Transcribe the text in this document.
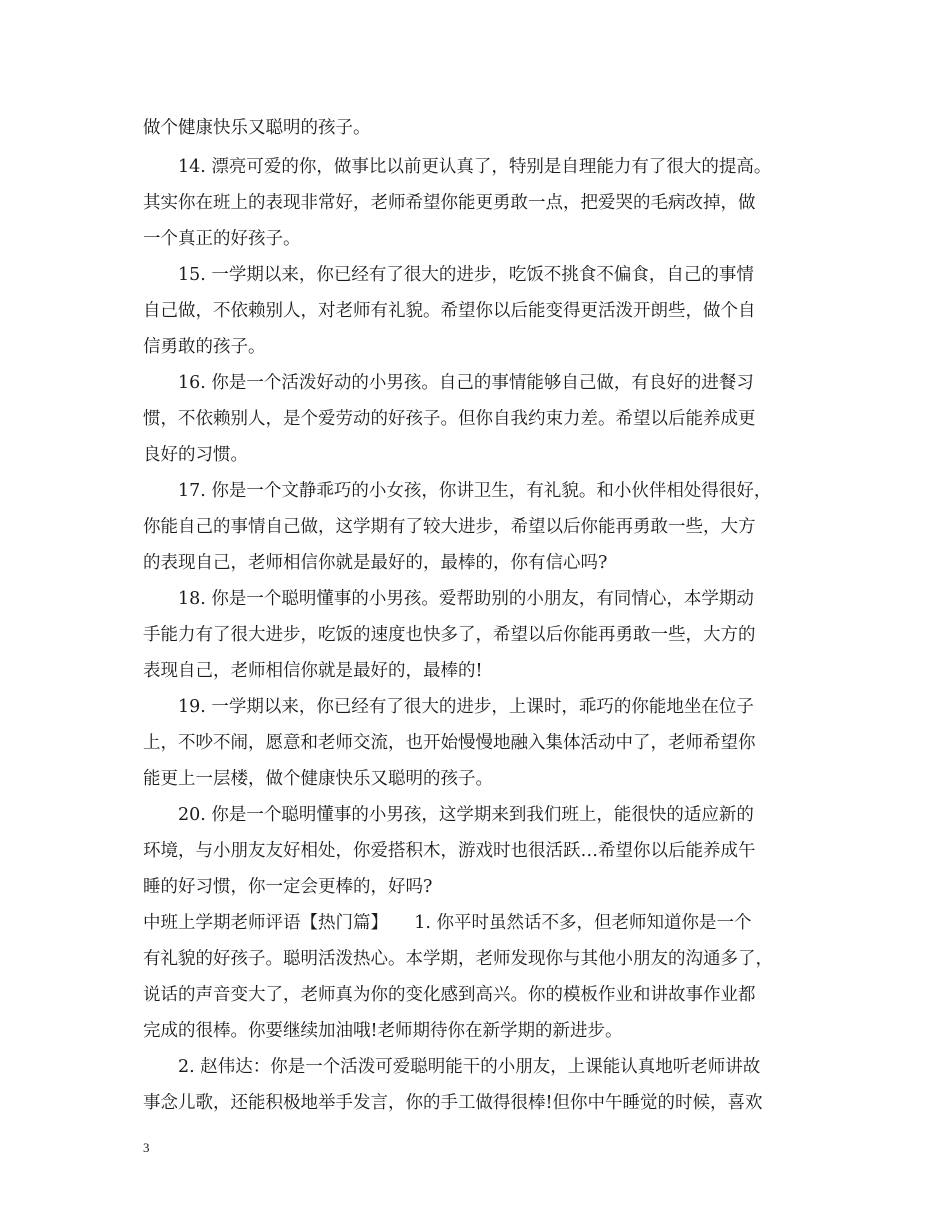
做个健康快乐又聪明的孩子。
　　14. 漂亮可爱的你，做事比以前更认真了，特别是自理能力有了很大的提高。
其实你在班上的表现非常好，老师希望你能更勇敢一点，把爱哭的毛病改掉，做
一个真正的好孩子。
　　15. 一学期以来，你已经有了很大的进步，吃饭不挑食不偏食，自己的事情
自己做，不依赖别人，对老师有礼貌。希望你以后能变得更活泼开朗些，做个自
信勇敢的孩子。
　　16. 你是一个活泼好动的小男孩。自己的事情能够自己做，有良好的进餐习
惯，不依赖别人，是个爱劳动的好孩子。但你自我约束力差。希望以后能养成更
良好的习惯。
　　17. 你是一个文静乖巧的小女孩，你讲卫生，有礼貌。和小伙伴相处得很好，
你能自己的事情自己做，这学期有了较大进步，希望以后你能再勇敢一些，大方
的表现自己，老师相信你就是最好的，最棒的，你有信心吗?
　　18. 你是一个聪明懂事的小男孩。爱帮助别的小朋友，有同情心，本学期动
手能力有了很大进步，吃饭的速度也快多了，希望以后你能再勇敢一些，大方的
表现自己，老师相信你就是最好的，最棒的!
　　19. 一学期以来，你已经有了很大的进步，上课时，乖巧的你能地坐在位子
上，不吵不闹，愿意和老师交流，也开始慢慢地融入集体活动中了，老师希望你
能更上一层楼，做个健康快乐又聪明的孩子。
　　20. 你是一个聪明懂事的小男孩，这学期来到我们班上，能很快的适应新的
环境，与小朋友友好相处，你爱搭积木，游戏时也很活跃…希望你以后能养成午
睡的好习惯，你一定会更棒的，好吗?
中班上学期老师评语【热门篇】　　1. 你平时虽然话不多，但老师知道你是一个
有礼貌的好孩子。聪明活泼热心。本学期，老师发现你与其他小朋友的沟通多了，
说话的声音变大了，老师真为你的变化感到高兴。你的模板作业和讲故事作业都
完成的很棒。你要继续加油哦!老师期待你在新学期的新进步。
　　2. 赵伟达：你是一个活泼可爱聪明能干的小朋友，上课能认真地听老师讲故
事念儿歌，还能积极地举手发言，你的手工做得很棒!但你中午睡觉的时候，喜欢
3
